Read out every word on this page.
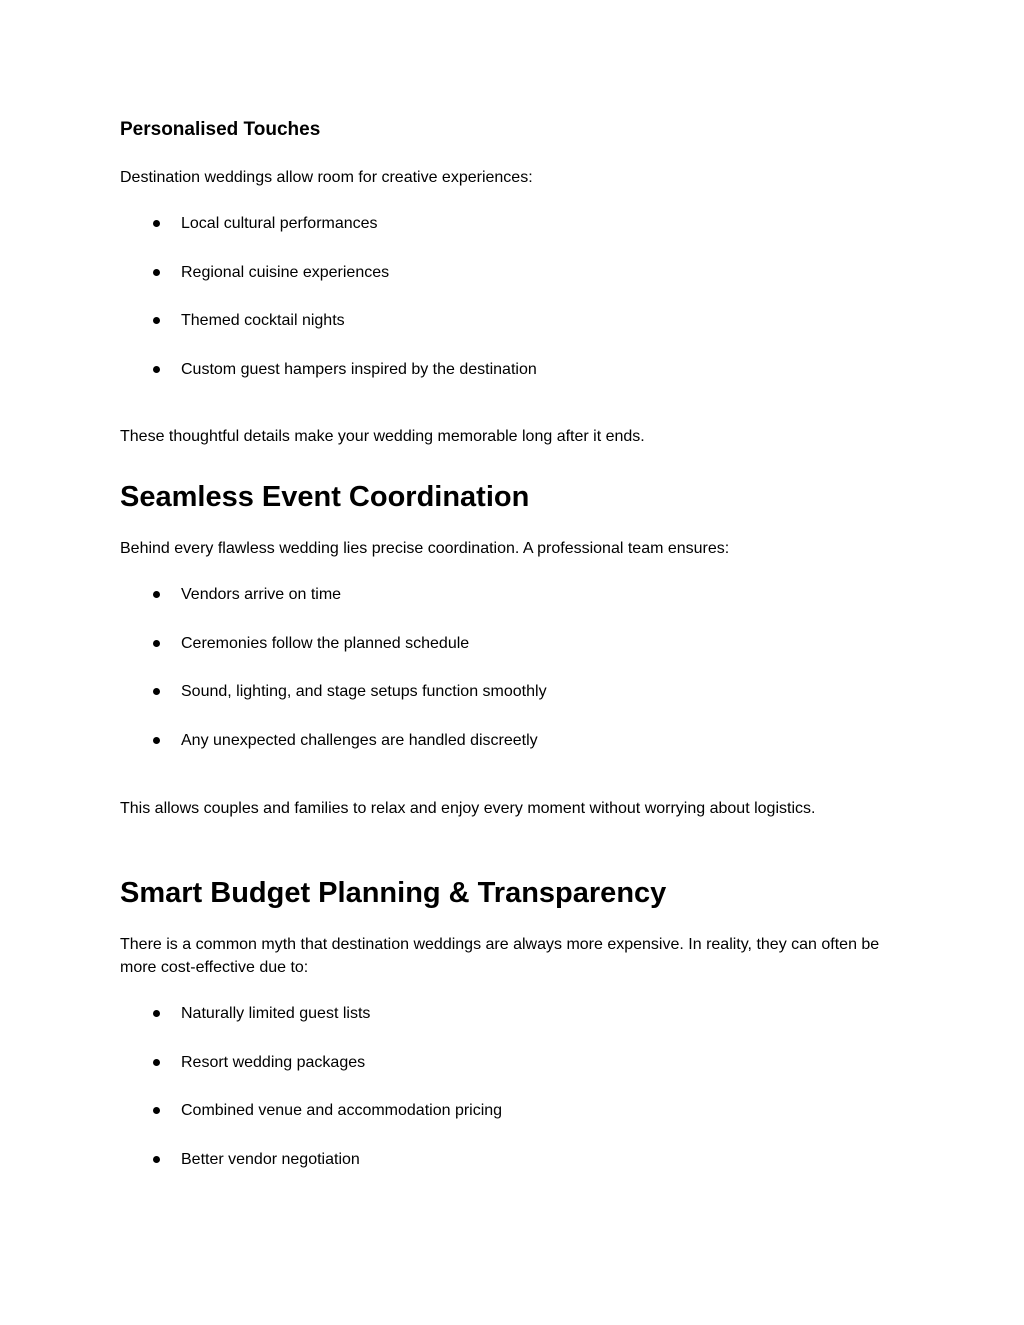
Personalised Touches

Destination weddings allow room for creative experiences:

Local cultural performances
Regional cuisine experiences
Themed cocktail nights
Custom guest hampers inspired by the destination

These thoughtful details make your wedding memorable long after it ends.

Seamless Event Coordination

Behind every flawless wedding lies precise coordination. A professional team ensures:

Vendors arrive on time
Ceremonies follow the planned schedule
Sound, lighting, and stage setups function smoothly
Any unexpected challenges are handled discreetly

This allows couples and families to relax and enjoy every moment without worrying about logistics.

Smart Budget Planning & Transparency

There is a common myth that destination weddings are always more expensive. In reality, they can often be more cost-effective due to:

Naturally limited guest lists
Resort wedding packages
Combined venue and accommodation pricing
Better vendor negotiation
